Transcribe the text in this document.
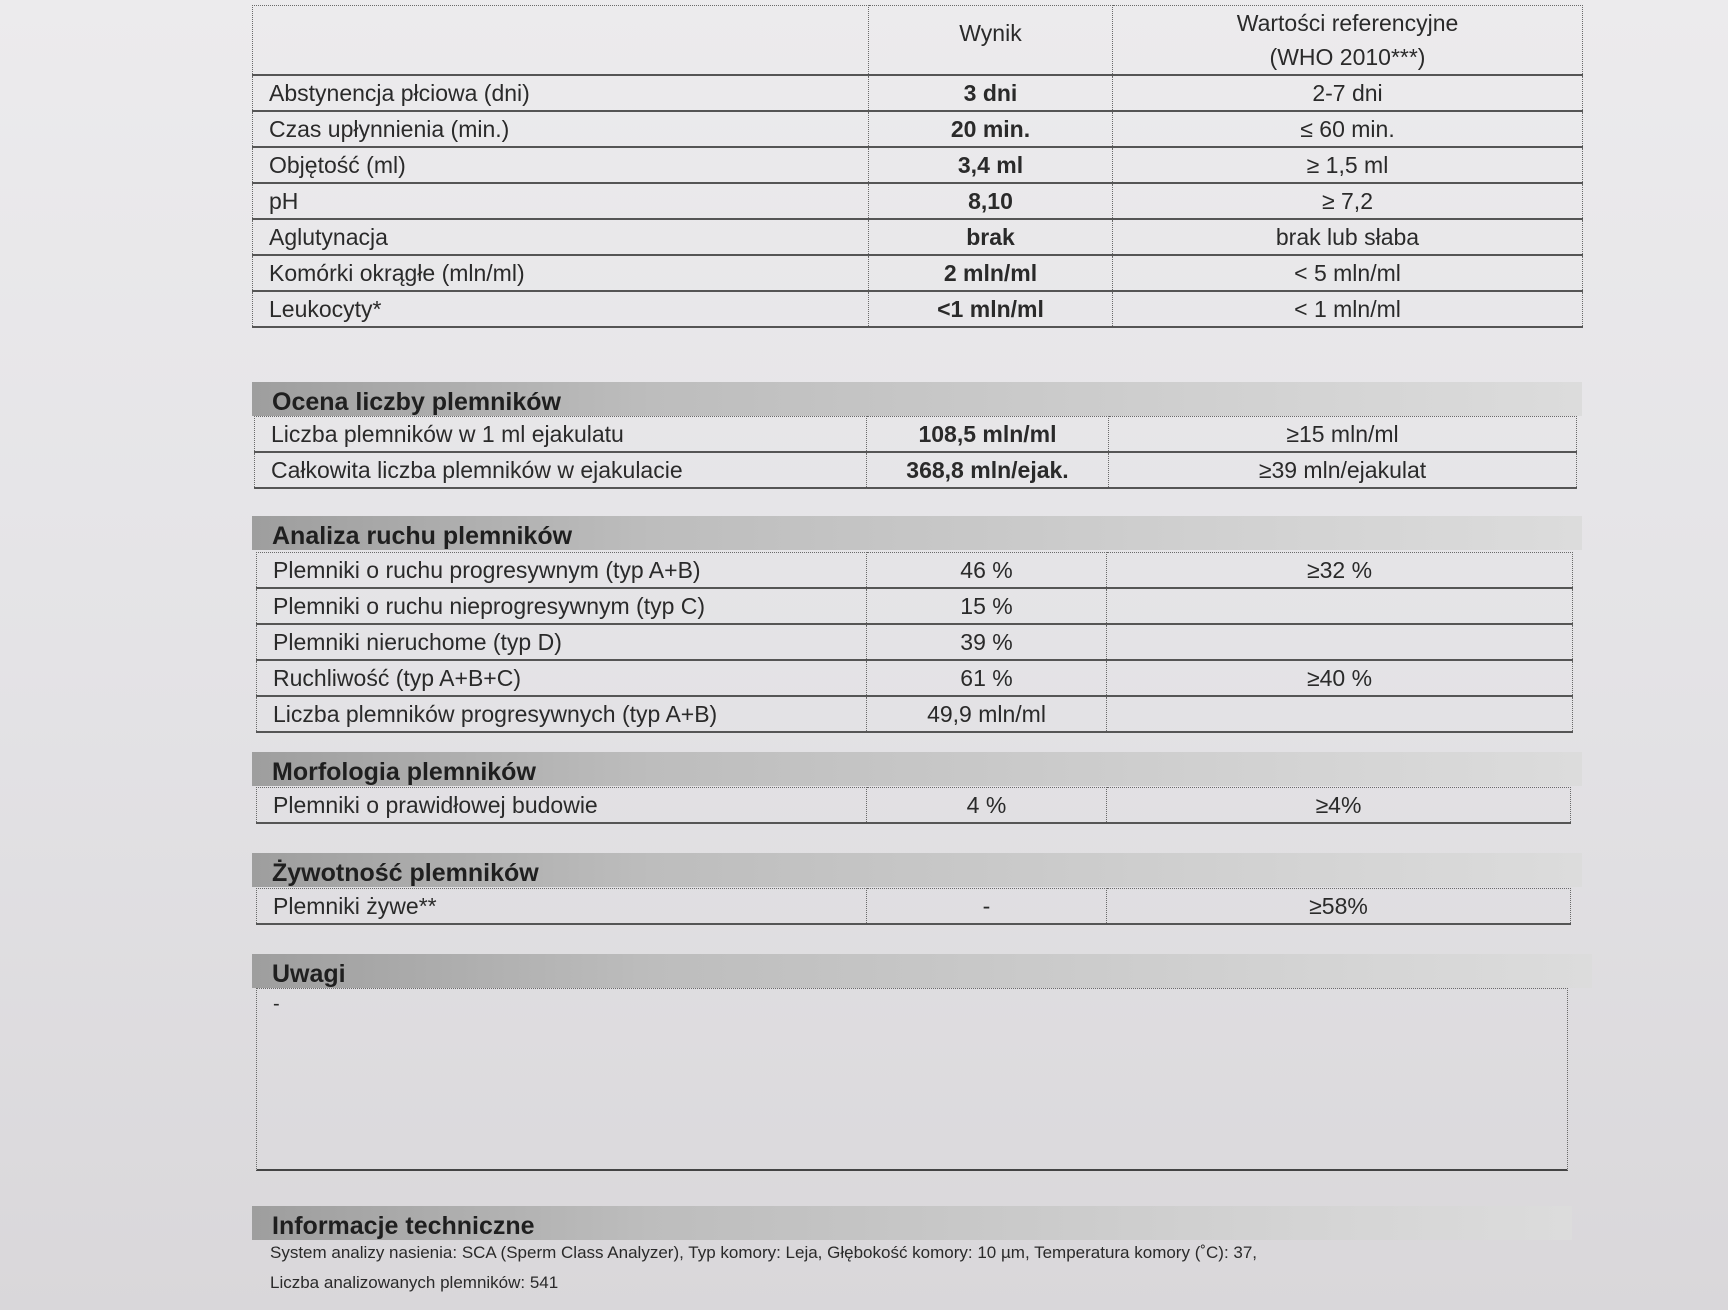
	Wynik	Wartości referencyjne
(WHO 2010***)

Abstynencja płciowa (dni)	3 dni	2-7 dni
Czas upłynnienia (min.)	20 min.	≤ 60 min.
Objętość (ml)	3,4 ml	≥ 1,5 ml
pH	8,10	≥ 7,2
Aglutynacja	brak	brak lub słaba
Komórki okrągłe (mln/ml)	2 mln/ml	< 5 mln/ml
Leukocyty*	<1 mln/ml	< 1 mln/ml
Ocena liczby plemników
Liczba plemników w 1 ml ejakulatu	108,5 mln/ml	≥15 mln/ml
Całkowita liczba plemników w ejakulacie	368,8 mln/ejak.	≥39 mln/ejakulat
Analiza ruchu plemników
Plemniki o ruchu progresywnym (typ A+B)	46 %	≥32 %
Plemniki o ruchu nieprogresywnym (typ C)	15 %	
Plemniki nieruchome (typ D)	39 %	
Ruchliwość (typ A+B+C)	61 %	≥40 %
Liczba plemników progresywnych (typ A+B)	49,9 mln/ml	
Morfologia plemników
Plemniki o prawidłowej budowie	4 %	≥4%
Żywotność plemników
Plemniki żywe**	-	≥58%
Uwagi
-
Informacje techniczne
System analizy nasienia: SCA (Sperm Class Analyzer), Typ komory: Leja, Głębokość komory: 10 µm, Temperatura komory (˚C): 37,
Liczba analizowanych plemników: 541
